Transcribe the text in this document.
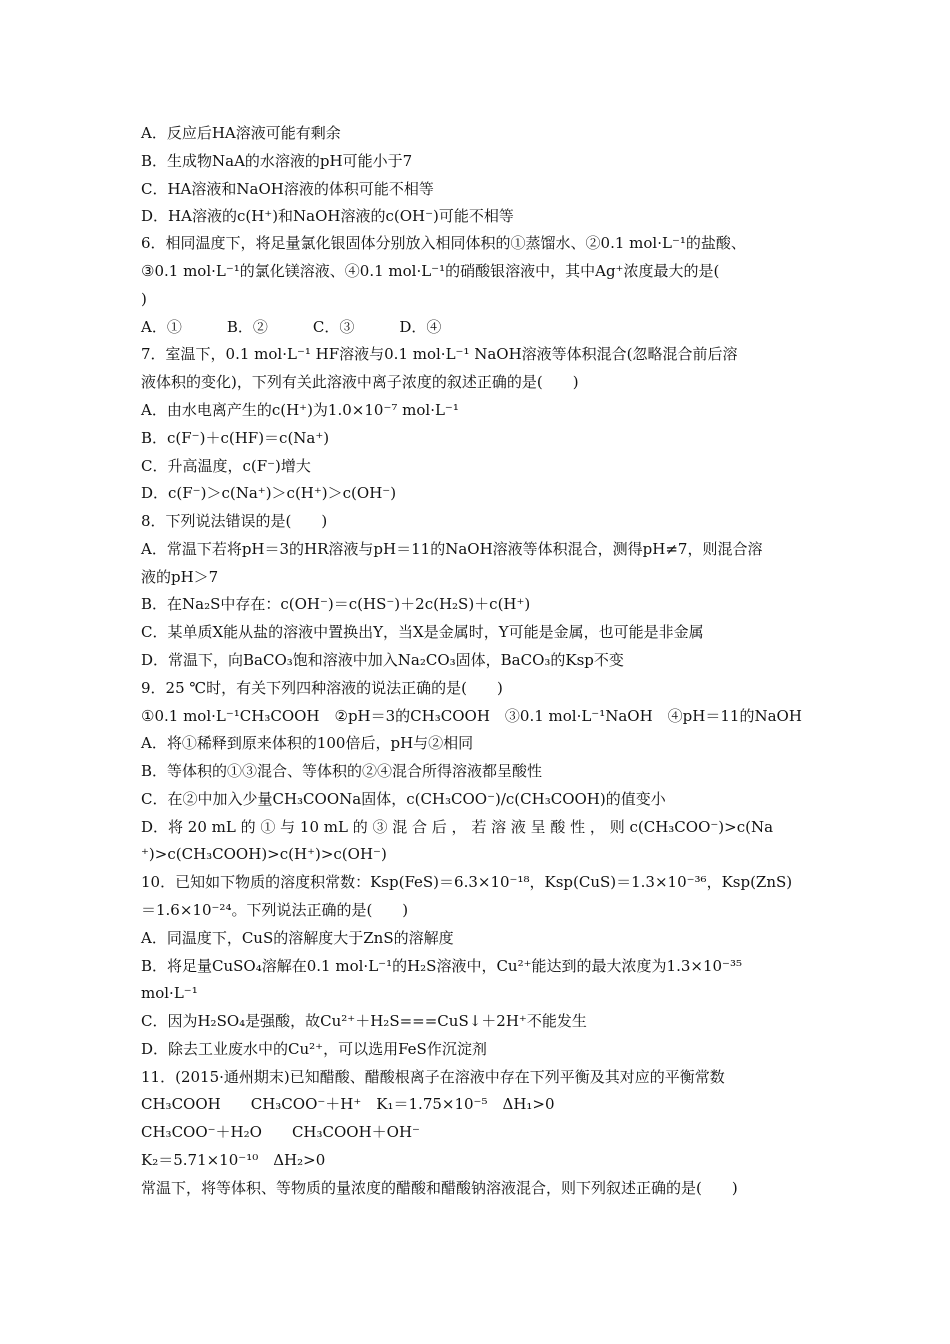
A．反应后HA溶液可能有剩余
B．生成物NaA的水溶液的pH可能小于7
C．HA溶液和NaOH溶液的体积可能不相等
D．HA溶液的c(H⁺)和NaOH溶液的c(OH⁻)可能不相等
6．相同温度下，将足量氯化银固体分别放入相同体积的①蒸馏水、②0.1 mol·L⁻¹的盐酸、
③0.1 mol·L⁻¹的氯化镁溶液、④0.1 mol·L⁻¹的硝酸银溶液中，其中Ag⁺浓度最大的是(
)
A．①　　　B．②　　　C．③　　　D．④
7．室温下，0.1 mol·L⁻¹ HF溶液与0.1 mol·L⁻¹ NaOH溶液等体积混合(忽略混合前后溶
液体积的变化)，下列有关此溶液中离子浓度的叙述正确的是(　　)
A．由水电离产生的c(H⁺)为1.0×10⁻⁷ mol·L⁻¹
B．c(F⁻)＋c(HF)＝c(Na⁺)
C．升高温度，c(F⁻)增大
D．c(F⁻)＞c(Na⁺)＞c(H⁺)＞c(OH⁻)
8．下列说法错误的是(　　)
A．常温下若将pH＝3的HR溶液与pH＝11的NaOH溶液等体积混合，测得pH≠7，则混合溶
液的pH＞7
B．在Na₂S中存在：c(OH⁻)＝c(HS⁻)＋2c(H₂S)＋c(H⁺)
C．某单质X能从盐的溶液中置换出Y，当X是金属时，Y可能是金属，也可能是非金属
D．常温下，向BaCO₃饱和溶液中加入Na₂CO₃固体，BaCO₃的Ksp不变
9．25 ℃时，有关下列四种溶液的说法正确的是(　　)
①0.1 mol·L⁻¹CH₃COOH　②pH＝3的CH₃COOH　③0.1 mol·L⁻¹NaOH　④pH＝11的NaOH
A．将①稀释到原来体积的100倍后，pH与②相同
B．等体积的①③混合、等体积的②④混合所得溶液都呈酸性
C．在②中加入少量CH₃COONa固体，c(CH₃COO⁻)/c(CH₃COOH)的值变小
D．将 20 mL 的 ① 与 10 mL 的 ③ 混 合 后 ， 若 溶 液 呈 酸 性 ， 则 c(CH₃COO⁻)>c(Na
⁺)>c(CH₃COOH)>c(H⁺)>c(OH⁻)
10．已知如下物质的溶度积常数：Ksp(FeS)＝6.3×10⁻¹⁸，Ksp(CuS)＝1.3×10⁻³⁶，Ksp(ZnS)
＝1.6×10⁻²⁴。下列说法正确的是(　　)
A．同温度下，CuS的溶解度大于ZnS的溶解度
B．将足量CuSO₄溶解在0.1 mol·L⁻¹的H₂S溶液中，Cu²⁺能达到的最大浓度为1.3×10⁻³⁵
mol·L⁻¹
C．因为H₂SO₄是强酸，故Cu²⁺＋H₂S===CuS↓＋2H⁺不能发生
D．除去工业废水中的Cu²⁺，可以选用FeS作沉淀剂
11．(2015·通州期末)已知醋酸、醋酸根离子在溶液中存在下列平衡及其对应的平衡常数
CH₃COOH　　CH₃COO⁻＋H⁺　K₁＝1.75×10⁻⁵　ΔH₁>0
CH₃COO⁻＋H₂O　　CH₃COOH＋OH⁻
K₂＝5.71×10⁻¹⁰　ΔH₂>0
常温下，将等体积、等物质的量浓度的醋酸和醋酸钠溶液混合，则下列叙述正确的是(　　)
